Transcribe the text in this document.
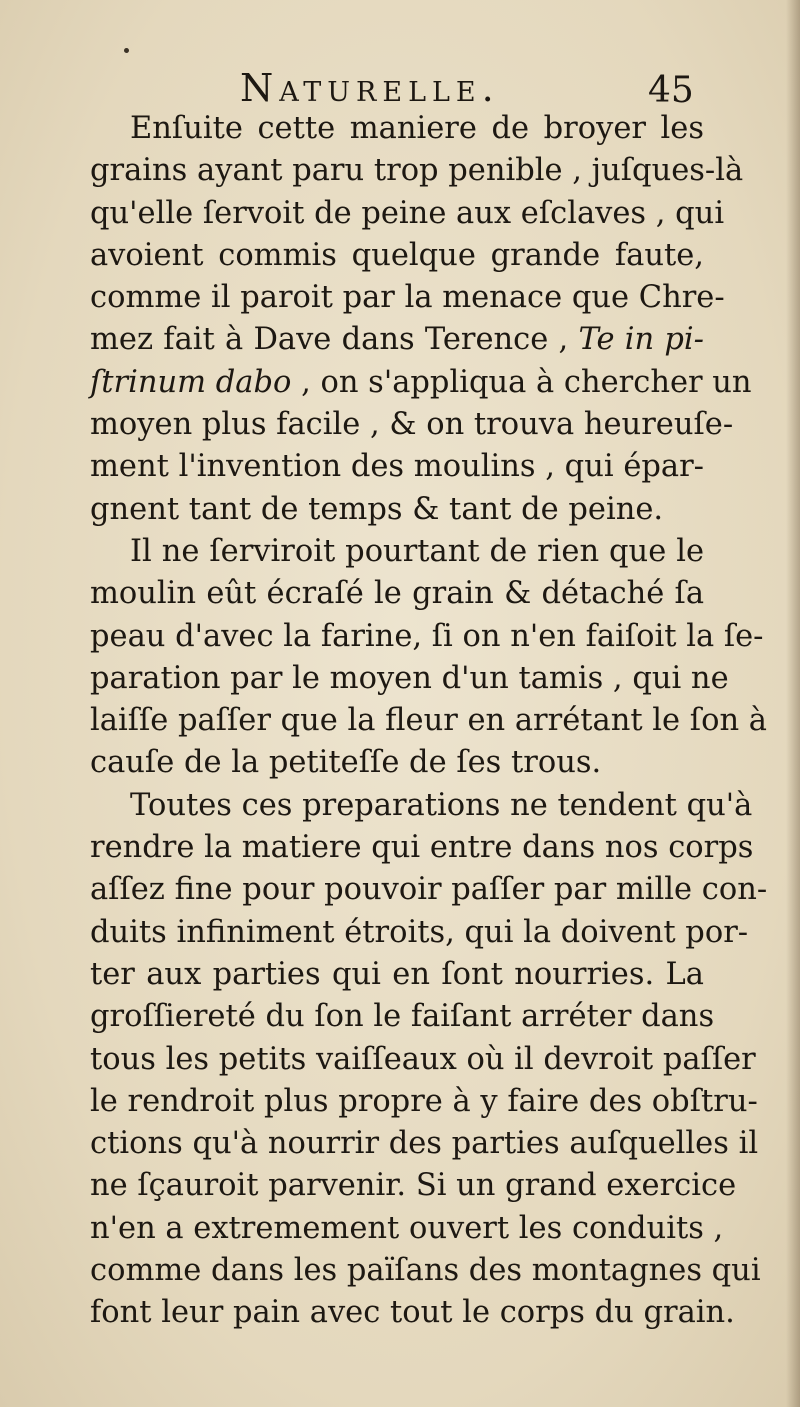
Naturelle.	45
Enſuite cette maniere de broyer les
grains ayant paru trop penible , juſques-là
qu'elle ſervoit de peine aux eſclaves , qui
avoient commis quelque grande faute,
comme il paroit par la menace que Chre-
mez fait à Dave dans Terence , Te in pi-
ſtrinum dabo , on s'appliqua à chercher un
moyen plus facile , & on trouva heureuſe-
ment l'invention des moulins , qui épar-
gnent tant de temps & tant de peine.
Il ne ſerviroit pourtant de rien que le
moulin eût écraſé le grain & détaché ſa
peau d'avec la farine, ſi on n'en faiſoit la ſe-
paration par le moyen d'un tamis , qui ne
laiſſe paſſer que la fleur en arrétant le ſon à
cauſe de la petiteſſe de ſes trous.
Toutes ces preparations ne tendent qu'à
rendre la matiere qui entre dans nos corps
aſſez fine pour pouvoir paſſer par mille con-
duits infiniment étroits, qui la doivent por-
ter aux parties qui en ſont nourries. La
groſſiereté du ſon le faiſant arréter dans
tous les petits vaiſſeaux où il devroit paſſer
le rendroit plus propre à y faire des obſtru-
ctions qu'à nourrir des parties auſquelles il
ne ſçauroit parvenir. Si un grand exercice
n'en a extremement ouvert les conduits ,
comme dans les païſans des montagnes qui
font leur pain avec tout le corps du grain.
